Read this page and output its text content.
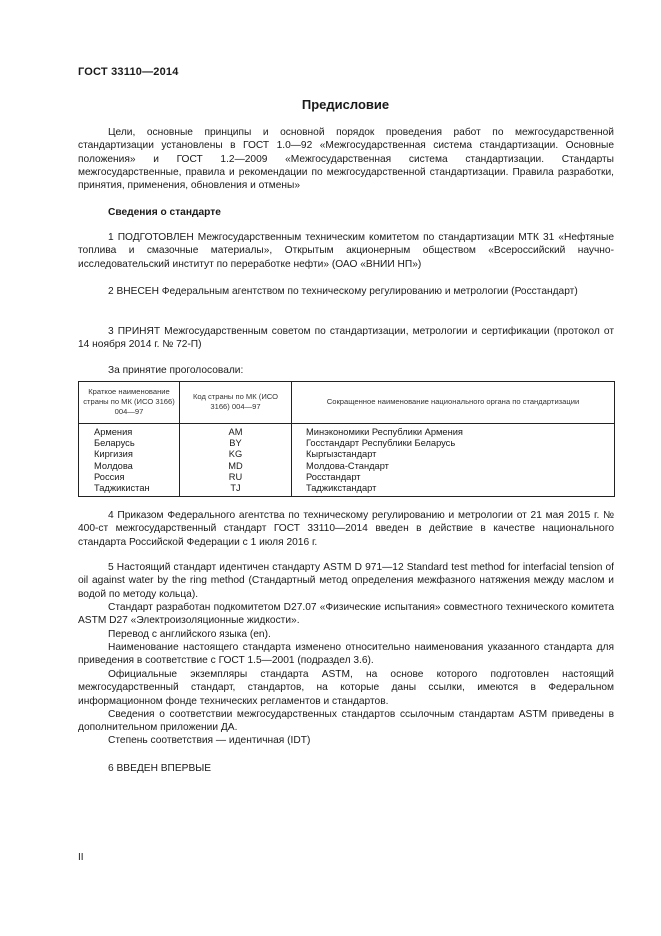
ГОСТ 33110—2014
Предисловие
Цели, основные принципы и основной порядок проведения работ по межгосударственной стандартизации установлены в ГОСТ 1.0—92 «Межгосударственная система стандартизации. Основные положения» и ГОСТ 1.2—2009 «Межгосударственная система стандартизации. Стандарты межгосударственные, правила и рекомендации по межгосударственной стандартизации. Правила разработки, принятия, применения, обновления и отмены»
Сведения о стандарте
1 ПОДГОТОВЛЕН Межгосударственным техническим комитетом по стандартизации МТК 31 «Нефтяные топлива и смазочные материалы», Открытым акционерным обществом «Всероссийский научно-исследовательский институт по переработке нефти» (ОАО «ВНИИ НП»)
2 ВНЕСЕН Федеральным агентством по техническому регулированию и метрологии (Росстандарт)
3 ПРИНЯТ Межгосударственным советом по стандартизации, метрологии и сертификации (протокол от 14 ноября 2014 г. № 72-П)
За принятие проголосовали:
Краткое наименование страны по МК (ИСО 3166) 004—97	Код страны по МК (ИСО 3166) 004—97	Сокращенное наименование национального органа по стандартизации
Армения	AM	Минэкономики Республики Армения
Беларусь	BY	Госстандарт Республики Беларусь
Киргизия	KG	Кыргызстандарт
Молдова	MD	Молдова-Стандарт
Россия	RU	Росстандарт
Таджикистан	TJ	Таджикстандарт
4 Приказом Федерального агентства по техническому регулированию и метрологии от 21 мая 2015 г. № 400-ст межгосударственный стандарт ГОСТ 33110—2014 введен в действие в качестве национального стандарта Российской Федерации с 1 июля 2016 г.
5 Настоящий стандарт идентичен стандарту ASTM D 971—12 Standard test method for interfacial tension of oil against water by the ring method (Стандартный метод определения межфазного натяжения между маслом и водой по методу кольца).
Стандарт разработан подкомитетом D27.07 «Физические испытания» совместного технического комитета ASTM D27 «Электроизоляционные жидкости».
Перевод с английского языка (en).
Наименование настоящего стандарта изменено относительно наименования указанного стандарта для приведения в соответствие с ГОСТ 1.5—2001 (подраздел 3.6).
Официальные экземпляры стандарта ASTM, на основе которого подготовлен настоящий межгосударственный стандарт, стандартов, на которые даны ссылки, имеются в Федеральном информационном фонде технических регламентов и стандартов.
Сведения о соответствии межгосударственных стандартов ссылочным стандартам ASTM приведены в дополнительном приложении ДА.
Степень соответствия — идентичная (IDT)
6 ВВЕДЕН ВПЕРВЫЕ
II
